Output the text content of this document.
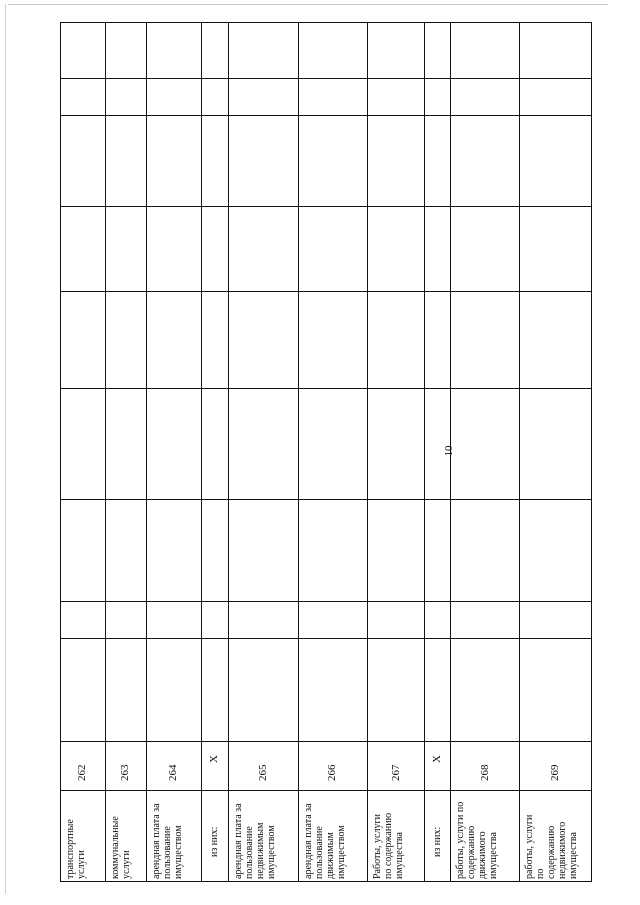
10
транспортные
услуги
262
коммунальные
услуги
263
арендная плата за
пользование
имуществом
264
из них:
X
арендная плата за
пользование
недвижимым
имуществом
265
арендная плата за
пользование
движимым
имуществом
266
Работы, услуги
по содержанию
имущества
267
из них:
X
работы, услуги по
содержанию
движимого
имущества
268
работы, услуги по
содержанию
недвижимого
имущества
269
